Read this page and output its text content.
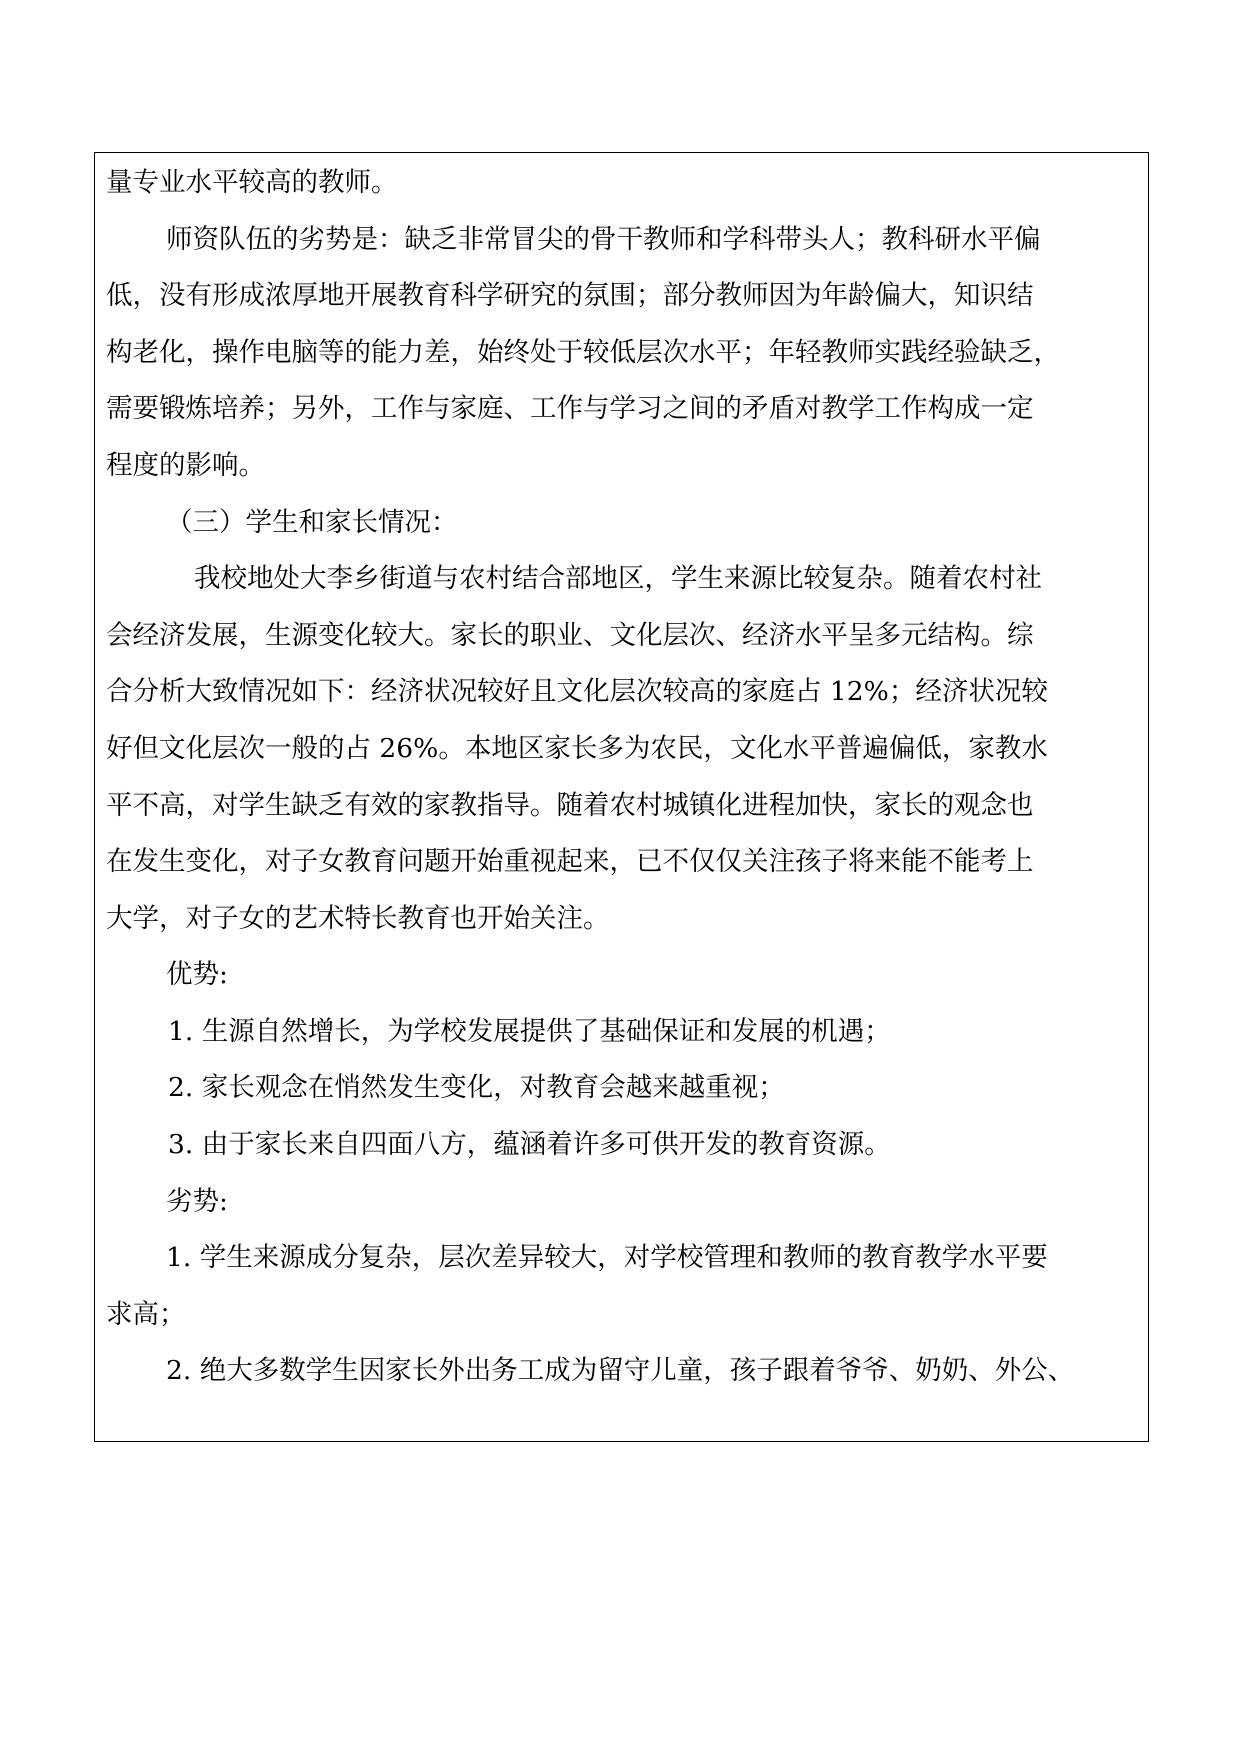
量专业水平较高的教师。
师资队伍的劣势是：缺乏非常冒尖的骨干教师和学科带头人；教科研水平偏
低，没有形成浓厚地开展教育科学研究的氛围；部分教师因为年龄偏大，知识结
构老化，操作电脑等的能力差，始终处于较低层次水平；年轻教师实践经验缺乏，
需要锻炼培养；另外，工作与家庭、工作与学习之间的矛盾对教学工作构成一定
程度的影响。
（三）学生和家长情况：
我校地处大李乡街道与农村结合部地区，学生来源比较复杂。随着农村社
会经济发展，生源变化较大。家长的职业、文化层次、经济水平呈多元结构。综
合分析大致情况如下：经济状况较好且文化层次较高的家庭占 12%；经济状况较
好但文化层次一般的占 26%。本地区家长多为农民，文化水平普遍偏低，家教水
平不高，对学生缺乏有效的家教指导。随着农村城镇化进程加快，家长的观念也
在发生变化，对子女教育问题开始重视起来，已不仅仅关注孩子将来能不能考上
大学，对子女的艺术特长教育也开始关注。
优势:
1. 生源自然增长，为学校发展提供了基础保证和发展的机遇；
2. 家长观念在悄然发生变化，对教育会越来越重视；
3. 由于家长来自四面八方，蕴涵着许多可供开发的教育资源。
劣势:
1. 学生来源成分复杂，层次差异较大，对学校管理和教师的教育教学水平要
求高；
2. 绝大多数学生因家长外出务工成为留守儿童，孩子跟着爷爷、奶奶、外公、
